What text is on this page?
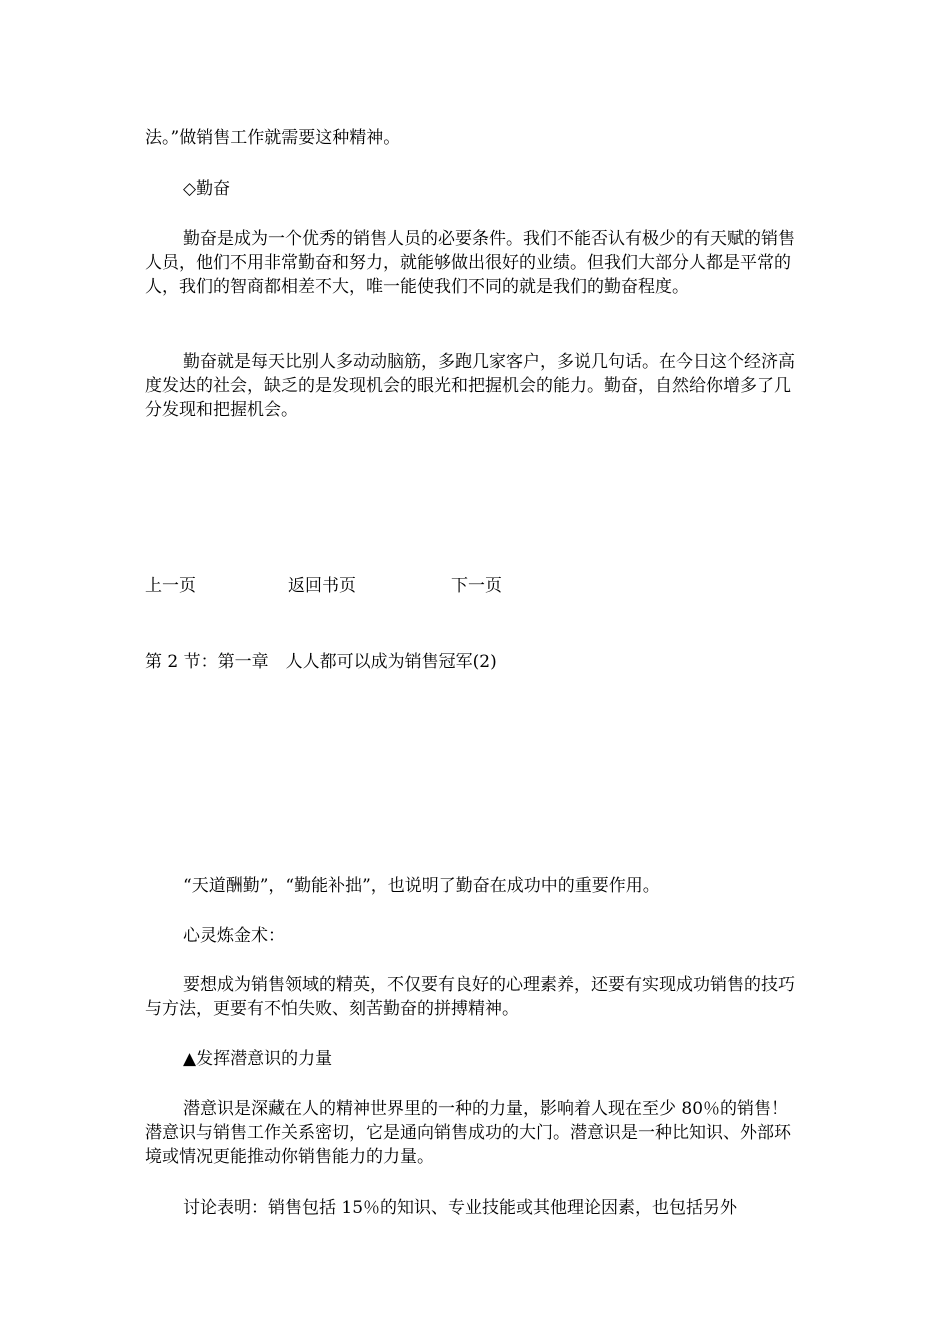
法。”做销售工作就需要这种精神。

◇勤奋

勤奋是成为一个优秀的销售人员的必要条件。我们不能否认有极少的有天赋的销售人员，他们不用非常勤奋和努力，就能够做出很好的业绩。但我们大部分人都是平常的人，我们的智商都相差不大，唯一能使我们不同的就是我们的勤奋程度。

勤奋就是每天比别人多动动脑筋，多跑几家客户，多说几句话。在今日这个经济高度发达的社会，缺乏的是发现机会的眼光和把握机会的能力。勤奋，自然给你增多了几分发现和把握机会。

上一页	返回书页	下一页
第 2 节：第一章　人人都可以成为销售冠军(2)

“天道酬勤”，“勤能补拙”，也说明了勤奋在成功中的重要作用。

心灵炼金术：

要想成为销售领域的精英，不仅要有良好的心理素养，还要有实现成功销售的技巧与方法，更要有不怕失败、刻苦勤奋的拼搏精神。

▲发挥潜意识的力量

潜意识是深藏在人的精神世界里的一种的力量，影响着人现在至少 80％的销售！潜意识与销售工作关系密切，它是通向销售成功的大门。潜意识是一种比知识、外部环境或情况更能推动你销售能力的力量。

讨论表明：销售包括 15％的知识、专业技能或其他理论因素，也包括另外
